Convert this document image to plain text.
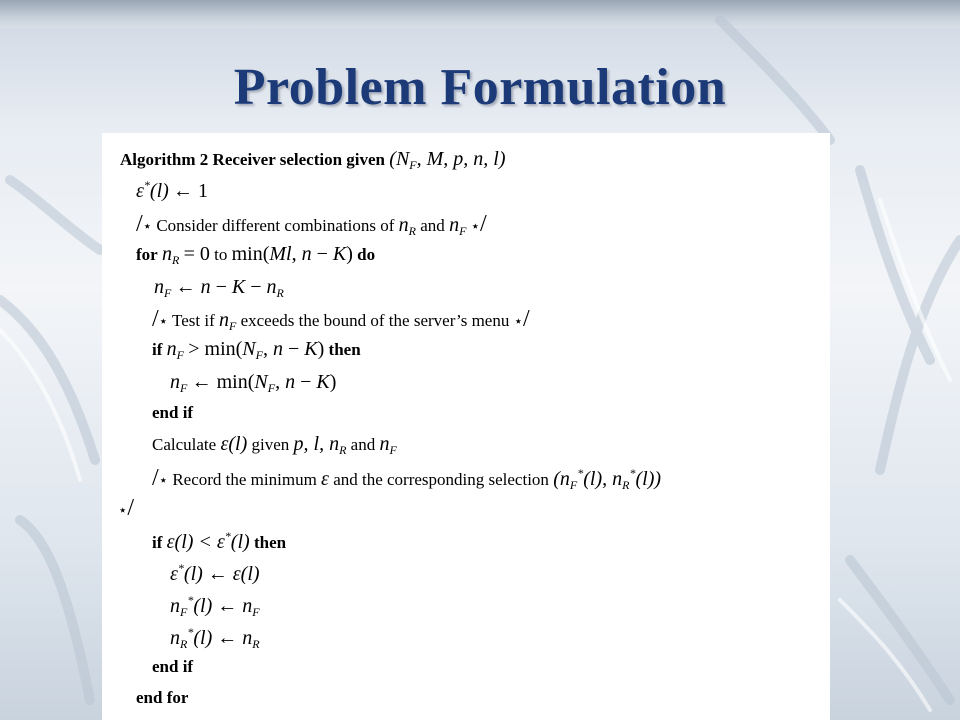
Problem Formulation
Algorithm 2 Receiver selection given ($N_F$, M, p, n, l)
ε*(l) ← 1
/⋆ Consider different combinations of $n_R$ and $n_F$ ⋆/
for $n_R = 0$ to min(Ml, n − K) do
$n_F$ ← $n - K - n_R$
/⋆ Test if $n_F$ exceeds the bound of the server’s menu ⋆/
if $n_F > \min(N_F$, n − K) then
$n_F$ ← $\min(N_F$, n − K)
end if
Calculate ε(l) given p, l, $n_R$ and $n_F$
/⋆ Record the minimum ε and the corresponding selection ($n_F^*(l)$, $n_R^*(l)$)
⋆/
if ε(l) < ε*(l) then
ε*(l) ← ε(l)
$n_F^*(l)$ ← $n_F$
$n_R^*(l)$ ← $n_R$
end if
end for
